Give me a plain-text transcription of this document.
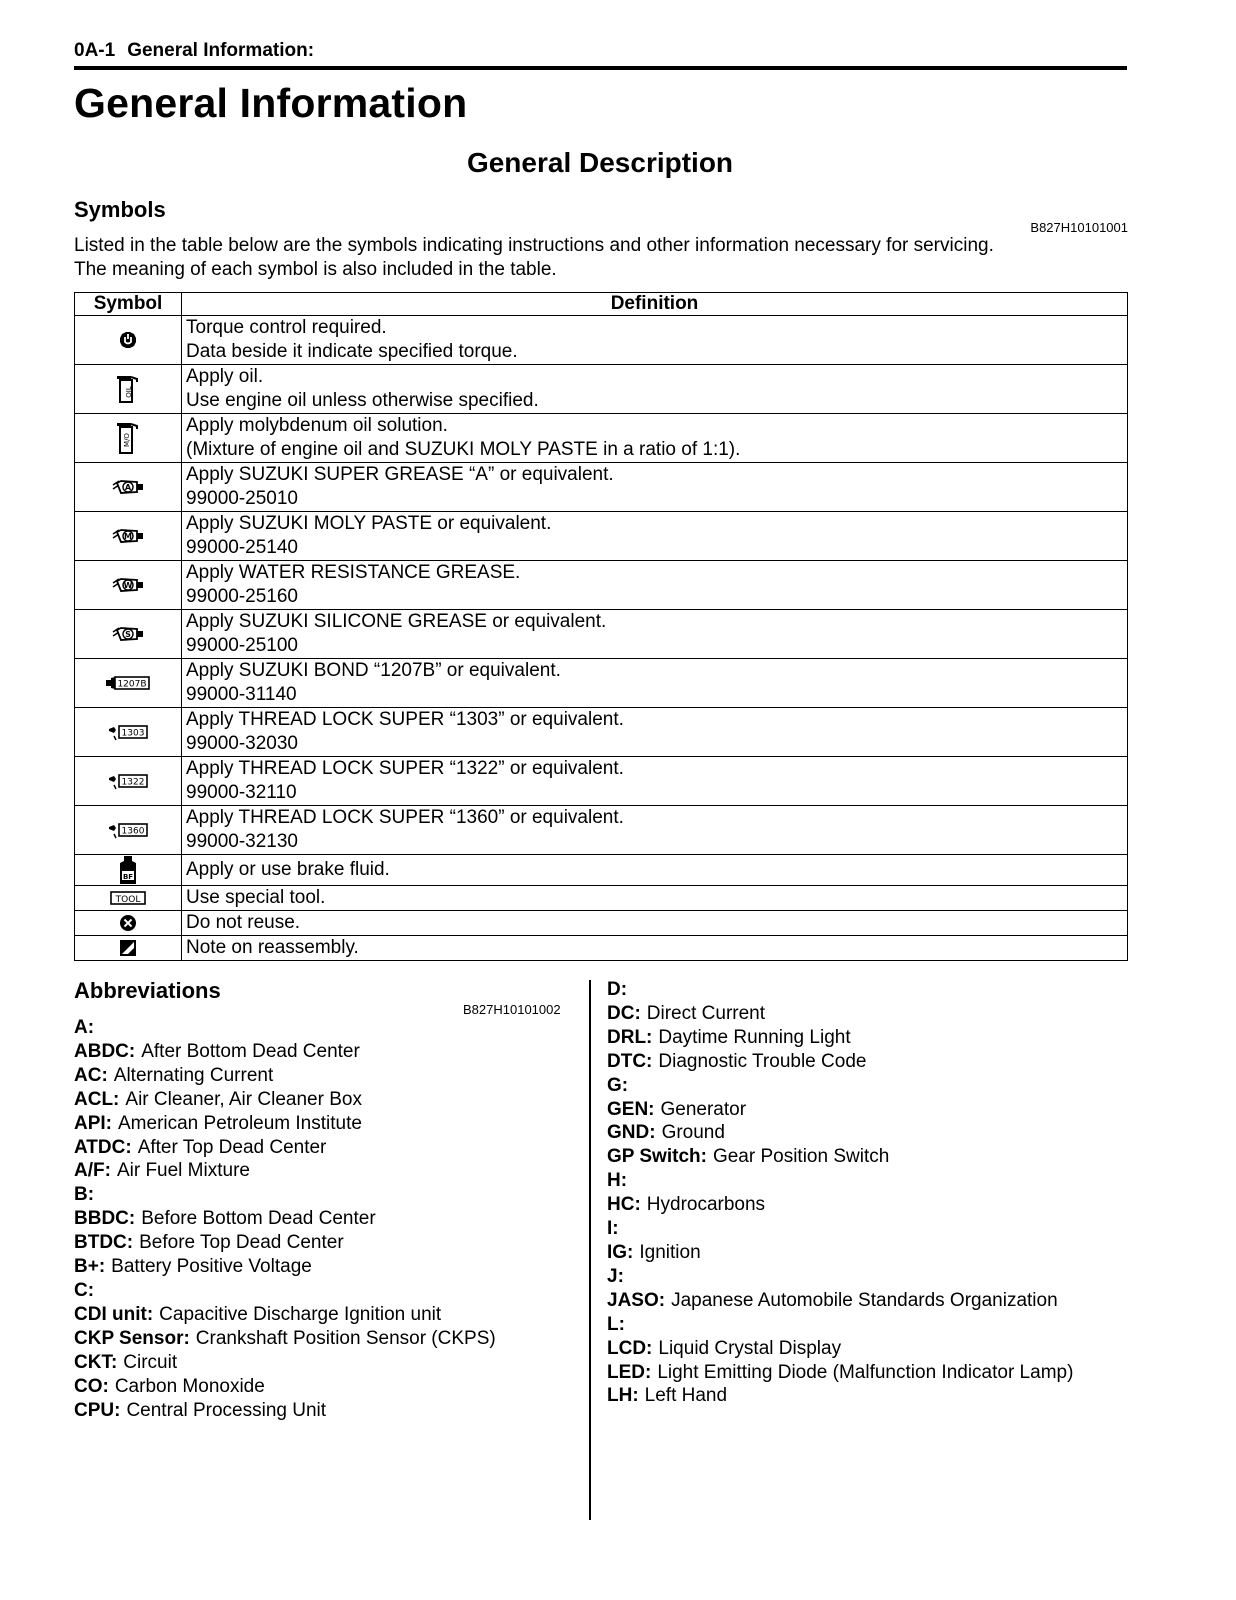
0A-1 General Information:
General Information
General Description
Symbols
B827H10101001

Listed in the table below are the symbols indicating instructions and other information necessary for servicing.
The meaning of each symbol is also included in the table.

Symbol	Definition
	Torque control required.
Data beside it indicate specified torque.

OIL	Apply oil.
Use engine oil unless otherwise specified.

M/O	Apply molybdenum oil solution.
(Mixture of engine oil and SUZUKI MOLY PASTE in a ratio of 1:1).

A	Apply SUZUKI SUPER GREASE “A” or equivalent.
99000-25010

M	Apply SUZUKI MOLY PASTE or equivalent.
99000-25140

W	Apply WATER RESISTANCE GREASE.
99000-25160

S	Apply SUZUKI SILICONE GREASE or equivalent.
99000-25100

1207B	Apply SUZUKI BOND “1207B” or equivalent.
99000-31140

1303	Apply THREAD LOCK SUPER “1303” or equivalent.
99000-32030

1322	Apply THREAD LOCK SUPER “1322” or equivalent.
99000-32110

1360	Apply THREAD LOCK SUPER “1360” or equivalent.
99000-32130

BF	Apply or use brake fluid.

TOOL	Use special tool.
	Do not reuse.
	Note on reassembly.
Abbreviations
B827H10101002
A:
ABDC: After Bottom Dead Center
AC: Alternating Current
ACL: Air Cleaner, Air Cleaner Box
API: American Petroleum Institute
ATDC: After Top Dead Center
A/F: Air Fuel Mixture
B:
BBDC: Before Bottom Dead Center
BTDC: Before Top Dead Center
B+: Battery Positive Voltage
C:
CDI unit: Capacitive Discharge Ignition unit
CKP Sensor: Crankshaft Position Sensor (CKPS)
CKT: Circuit
CO: Carbon Monoxide
CPU: Central Processing Unit
D:
DC: Direct Current
DRL: Daytime Running Light
DTC: Diagnostic Trouble Code
G:
GEN: Generator
GND: Ground
GP Switch: Gear Position Switch
H:
HC: Hydrocarbons
I:
IG: Ignition
J:
JASO: Japanese Automobile Standards Organization
L:
LCD: Liquid Crystal Display
LED: Light Emitting Diode (Malfunction Indicator Lamp)
LH: Left Hand
